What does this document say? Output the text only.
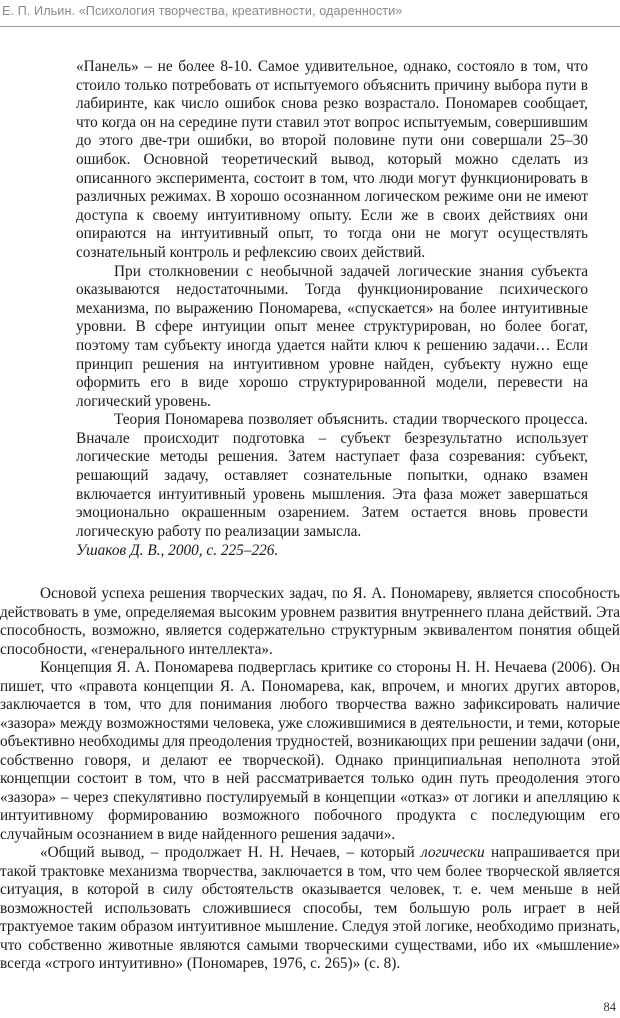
Е. П. Ильин. «Психология творчества, креативности, одаренности»

«Панель» – не более 8-10. Самое удивительное, однако, состояло в том, что стоило только потребовать от испытуемого объяснить причину выбора пути в лабиринте, как число ошибок снова резко возрастало. Пономарев сообщает, что когда он на середине пути ставил этот вопрос испытуемым, совершившим до этого две-три ошибки, во второй половине пути они совершали 25–30 ошибок. Основной теоретический вывод, который можно сделать из описанного эксперимента, состоит в том, что люди могут функционировать в различных режимах. В хорошо осознанном логическом режиме они не имеют доступа к своему интуитивному опыту. Если же в своих действиях они опираются на интуитивный опыт, то тогда они не могут осуществлять сознательный контроль и рефлексию своих действий.

При столкновении с необычной задачей логические знания субъекта оказываются недостаточными. Тогда функционирование психического механизма, по выражению Пономарева, «спускается» на более интуитивные уровни. В сфере интуиции опыт менее структурирован, но более богат, поэтому там субъекту иногда удается найти ключ к решению задачи… Если принцип решения на интуитивном уровне найден, субъекту нужно еще оформить его в виде хорошо структурированной модели, перевести на логический уровень.

Теория Пономарева позволяет объяснить. стадии творческого процесса. Вначале происходит подготовка – субъект безрезультатно использует логические методы решения. Затем наступает фаза созревания: субъект, решающий задачу, оставляет сознательные попытки, однако взамен включается интуитивный уровень мышления. Эта фаза может завершаться эмоционально окрашенным озарением. Затем остается вновь провести логическую работу по реализации замысла.

Ушаков Д. В., 2000, с. 225–226.

Основой успеха решения творческих задач, по Я. А. Пономареву, является способность действовать в уме, определяемая высоким уровнем развития внутреннего плана действий. Эта способность, возможно, является содержательно структурным эквивалентом понятия общей способности, «генерального интеллекта».

Концепция Я. А. Пономарева подверглась критике со стороны Н. Н. Нечаева (2006). Он пишет, что «правота концепции Я. А. Пономарева, как, впрочем, и многих других авторов, заключается в том, что для понимания любого творчества важно зафиксировать наличие «зазора» между возможностями человека, уже сложившимися в деятельности, и теми, которые объективно необходимы для преодоления трудностей, возникающих при решении задачи (они, собственно говоря, и делают ее творческой). Однако принципиальная неполнота этой концепции состоит в том, что в ней рассматривается только один путь преодоления этого «зазора» – через спекулятивно постулируемый в концепции «отказ» от логики и апелляцию к интуитивному формированию возможного побочного продукта с последующим его случайным осознанием в виде найденного решения задачи».

«Общий вывод, – продолжает Н. Н. Нечаев, – который логически напрашивается при такой трактовке механизма творчества, заключается в том, что чем более творческой является ситуация, в которой в силу обстоятельств оказывается человек, т. е. чем меньше в ней возможностей использовать сложившиеся способы, тем большую роль играет в ней трактуемое таким образом интуитивное мышление. Следуя этой логике, необходимо признать, что собственно животные являются самыми творческими существами, ибо их «мышление» всегда «строго интуитивно» (Пономарев, 1976, с. 265)» (с. 8).

84
